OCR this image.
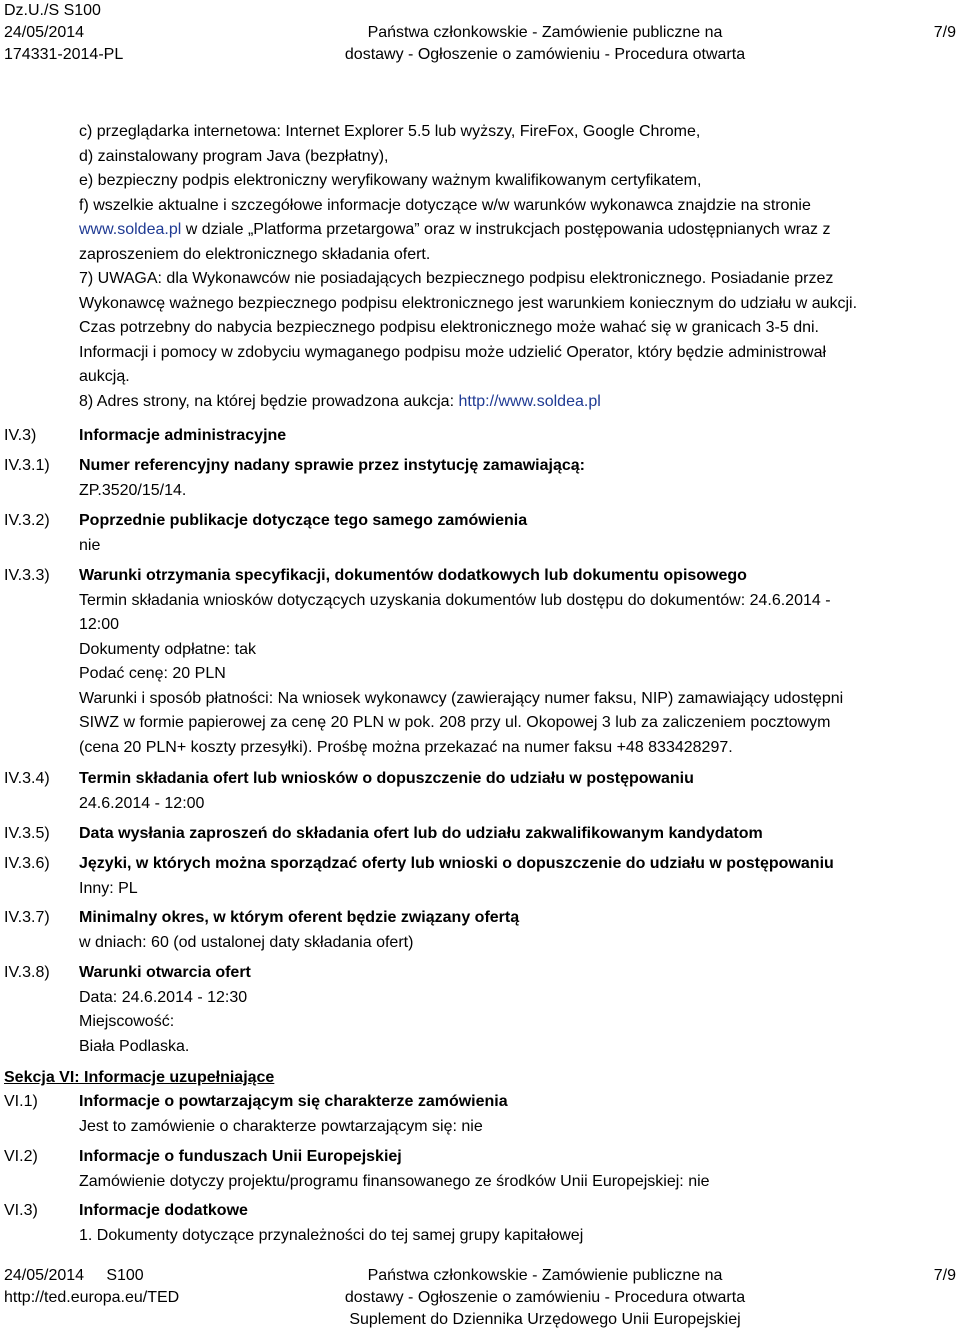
Dz.U./S S100
24/05/2014
174331-2014-PL
Państwa członkowskie - Zamówienie publiczne na
dostawy - Ogłoszenie o zamówieniu - Procedura otwarta
7/9
c) przeglądarka internetowa: Internet Explorer 5.5 lub wyższy, FireFox, Google Chrome,
d) zainstalowany program Java (bezpłatny),
e) bezpieczny podpis elektroniczny weryfikowany ważnym kwalifikowanym certyfikatem,
f) wszelkie aktualne i szczegółowe informacje dotyczące w/w warunków wykonawca znajdzie na stronie
www.soldea.pl w dziale „Platforma przetargowa” oraz w instrukcjach postępowania udostępnianych wraz z
zaproszeniem do elektronicznego składania ofert.
7) UWAGA: dla Wykonawców nie posiadających bezpiecznego podpisu elektronicznego. Posiadanie przez
Wykonawcę ważnego bezpiecznego podpisu elektronicznego jest warunkiem koniecznym do udziału w aukcji.
Czas potrzebny do nabycia bezpiecznego podpisu elektronicznego może wahać się w granicach 3-5 dni.
Informacji i pomocy w zdobyciu wymaganego podpisu może udzielić Operator, który będzie administrował
aukcją.
8) Adres strony, na której będzie prowadzona aukcja: http://www.soldea.pl
IV.3)	Informacje administracyjne
IV.3.1) Numer referencyjny nadany sprawie przez instytucję zamawiającą:
ZP.3520/15/14.
IV.3.2) Poprzednie publikacje dotyczące tego samego zamówienia
nie
IV.3.3) Warunki otrzymania specyfikacji, dokumentów dodatkowych lub dokumentu opisowego
Termin składania wniosków dotyczących uzyskania dokumentów lub dostępu do dokumentów: 24.6.2014 -
12:00
Dokumenty odpłatne: tak
Podać cenę: 20 PLN
Warunki i sposób płatności: Na wniosek wykonawcy (zawierający numer faksu, NIP) zamawiający udostępni
SIWZ w formie papierowej za cenę 20 PLN w pok. 208 przy ul. Okopowej 3 lub za zaliczeniem pocztowym
(cena 20 PLN+ koszty przesyłki). Prośbę można przekazać na numer faksu +48 833428297.
IV.3.4) Termin składania ofert lub wniosków o dopuszczenie do udziału w postępowaniu
24.6.2014 - 12:00
IV.3.5) Data wysłania zaproszeń do składania ofert lub do udziału zakwalifikowanym kandydatom
IV.3.6) Języki, w których można sporządzać oferty lub wnioski o dopuszczenie do udziału w postępowaniu
Inny: PL
IV.3.7) Minimalny okres, w którym oferent będzie związany ofertą
w dniach: 60 (od ustalonej daty składania ofert)
IV.3.8) Warunki otwarcia ofert
Data: 24.6.2014 - 12:30
Miejscowość:
Biała Podlaska.
Sekcja VI: Informacje uzupełniające
VI.1)	Informacje o powtarzającym się charakterze zamówienia
Jest to zamówienie o charakterze powtarzającym się: nie
VI.2)	Informacje o funduszach Unii Europejskiej
Zamówienie dotyczy projektu/programu finansowanego ze środków Unii Europejskiej: nie
VI.3)	Informacje dodatkowe
1. Dokumenty dotyczące przynależności do tej samej grupy kapitałowej
24/05/2014 S100
http://ted.europa.eu/TED
Państwa członkowskie - Zamówienie publiczne na
dostawy - Ogłoszenie o zamówieniu - Procedura otwarta
Suplement do Dziennika Urzędowego Unii Europejskiej
7/9
